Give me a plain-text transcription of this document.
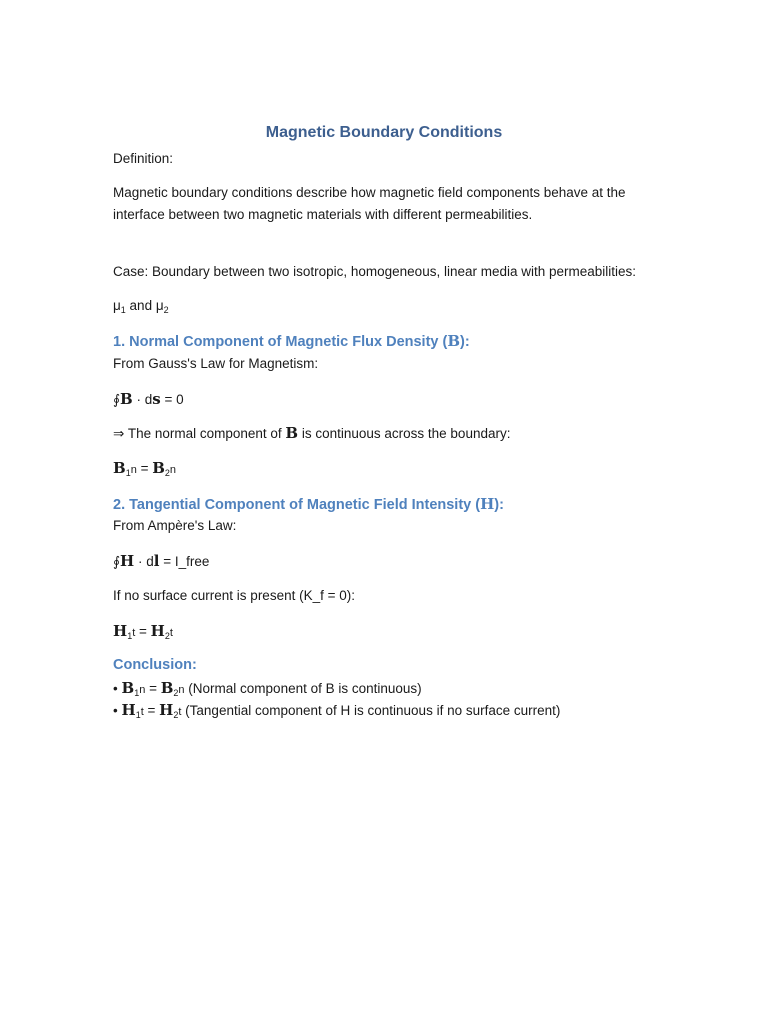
Magnetic Boundary Conditions
Definition:
Magnetic boundary conditions describe how magnetic field components behave at the
interface between two magnetic materials with different permeabilities.
Case: Boundary between two isotropic, homogeneous, linear media with permeabilities:
$\mu_1$ and $\mu_2$
1. Normal Component of Magnetic Flux Density (B):
From Gauss's Law for Magnetism:
∮B · ds = 0
⇒ The normal component of B is continuous across the boundary:
$B_1n = B_2n$
2. Tangential Component of Magnetic Field Intensity (H):
From Ampère's Law:
∮H · dl = I_free
If no surface current is present (K_f = 0):
$H_1t = H_2t$
Conclusion:
• $B_1n = B_2n$ (Normal component of B is continuous)
• $H_1t = H_2t$ (Tangential component of H is continuous if no surface current)
